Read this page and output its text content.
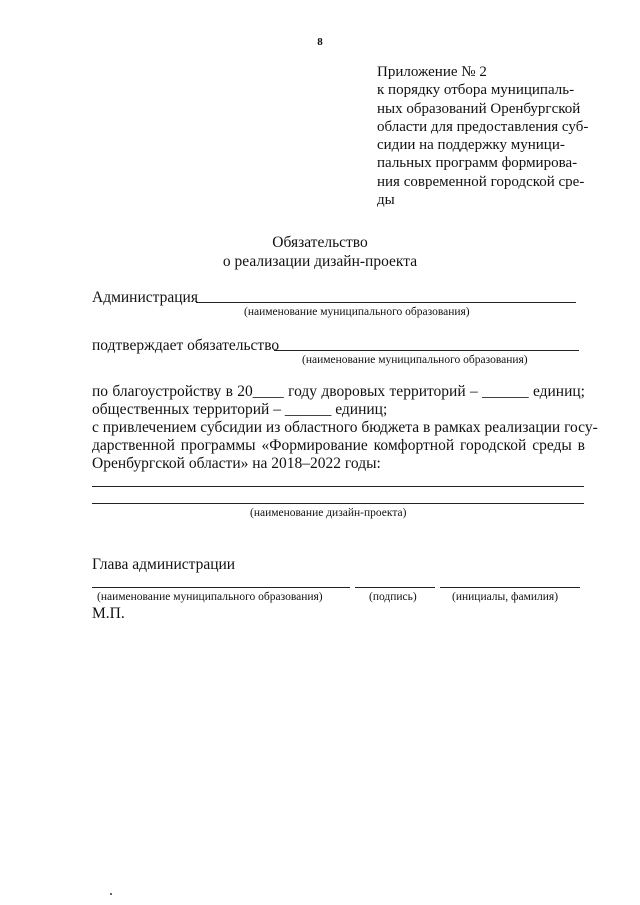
8
Приложение № 2
к порядку отбора муниципаль-
ных образований Оренбургской
области для предоставления суб-
сидии на поддержку муници-
пальных программ формирова-
ния современной городской сре-
ды
Обязательство
о реализации дизайн-проекта
Администрация
(наименование муниципального образования)
подтверждает обязательство
(наименование муниципального образования)
по благоустройству в 20____ году дворовых территорий – ______ единиц;
общественных территорий – ______ единиц;
с привлечением субсидии из областного бюджета в рамках реализации госу-
дарственной программы «Формирование комфортной городской среды в
Оренбургской области» на 2018–2022 годы:
(наименование дизайн-проекта)
Глава администрации
(наименование муниципального образования)	(подпись)	(инициалы, фамилия)
М.П.
